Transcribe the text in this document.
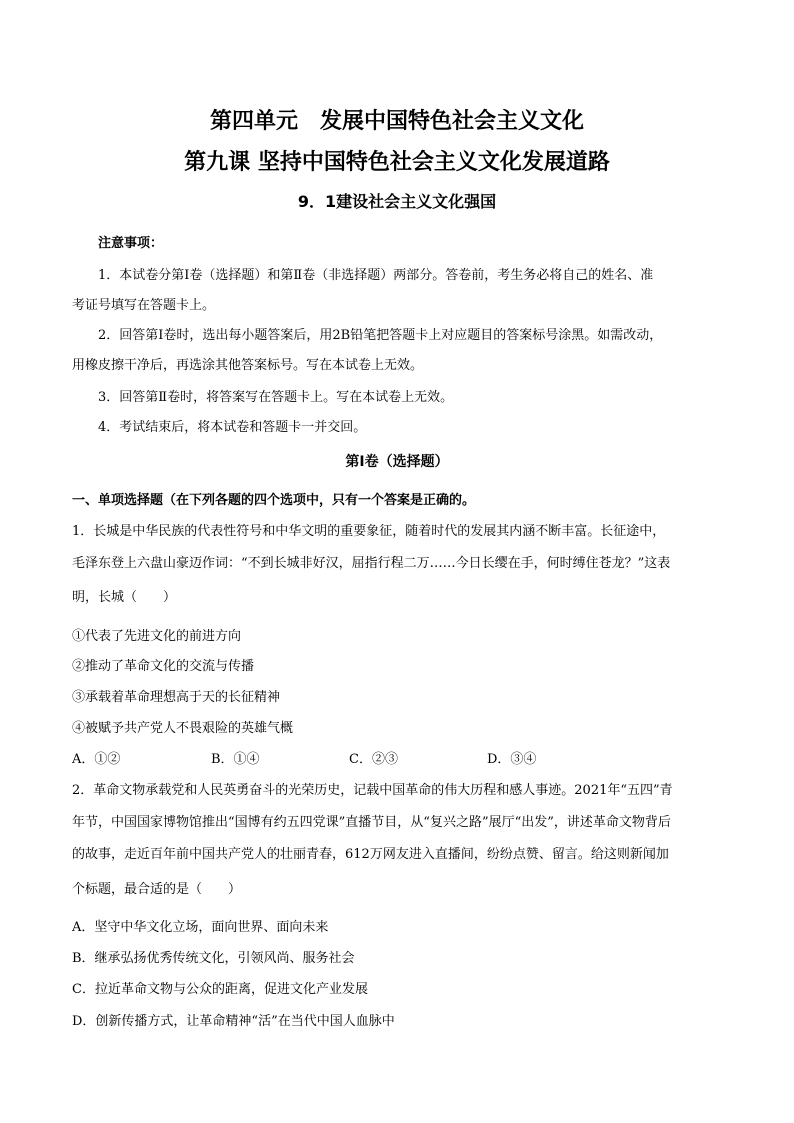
第四单元　发展中国特色社会主义文化
第九课 坚持中国特色社会主义文化发展道路
9．1建设社会主义文化强国
注意事项：
1．本试卷分第Ⅰ卷（选择题）和第Ⅱ卷（非选择题）两部分。答卷前，考生务必将自己的姓名、准
考证号填写在答题卡上。
2．回答第Ⅰ卷时，选出每小题答案后，用2B铅笔把答题卡上对应题目的答案标号涂黑。如需改动，
用橡皮擦干净后，再选涂其他答案标号。写在本试卷上无效。
3．回答第Ⅱ卷时，将答案写在答题卡上。写在本试卷上无效。
4．考试结束后，将本试卷和答题卡一并交回。
第Ⅰ卷（选择题）
一、单项选择题（在下列各题的四个选项中，只有一个答案是正确的。
1．长城是中华民族的代表性符号和中华文明的重要象征，随着时代的发展其内涵不断丰富。长征途中，
毛泽东登上六盘山豪迈作词：“不到长城非好汉，屈指行程二万……今日长缨在手，何时缚住苍龙？”这表
明，长城（　　）
①代表了先进文化的前进方向
②推动了革命文化的交流与传播
③承载着革命理想高于天的长征精神
④被赋予共产党人不畏艰险的英雄气概
A．①②	B．①④	C．②③	D．③④
2．革命文物承载党和人民英勇奋斗的光荣历史，记载中国革命的伟大历程和感人事迹。2021年“五四”青
年节，中国国家博物馆推出“国博有约五四党课”直播节目，从“复兴之路”展厅“出发”，讲述革命文物背后
的故事，走近百年前中国共产党人的壮丽青春，612万网友进入直播间，纷纷点赞、留言。给这则新闻加
个标题，最合适的是（　　）
A．坚守中华文化立场，面向世界、面向未来
B．继承弘扬优秀传统文化，引领风尚、服务社会
C．拉近革命文物与公众的距离，促进文化产业发展
D．创新传播方式，让革命精神“活”在当代中国人血脉中
